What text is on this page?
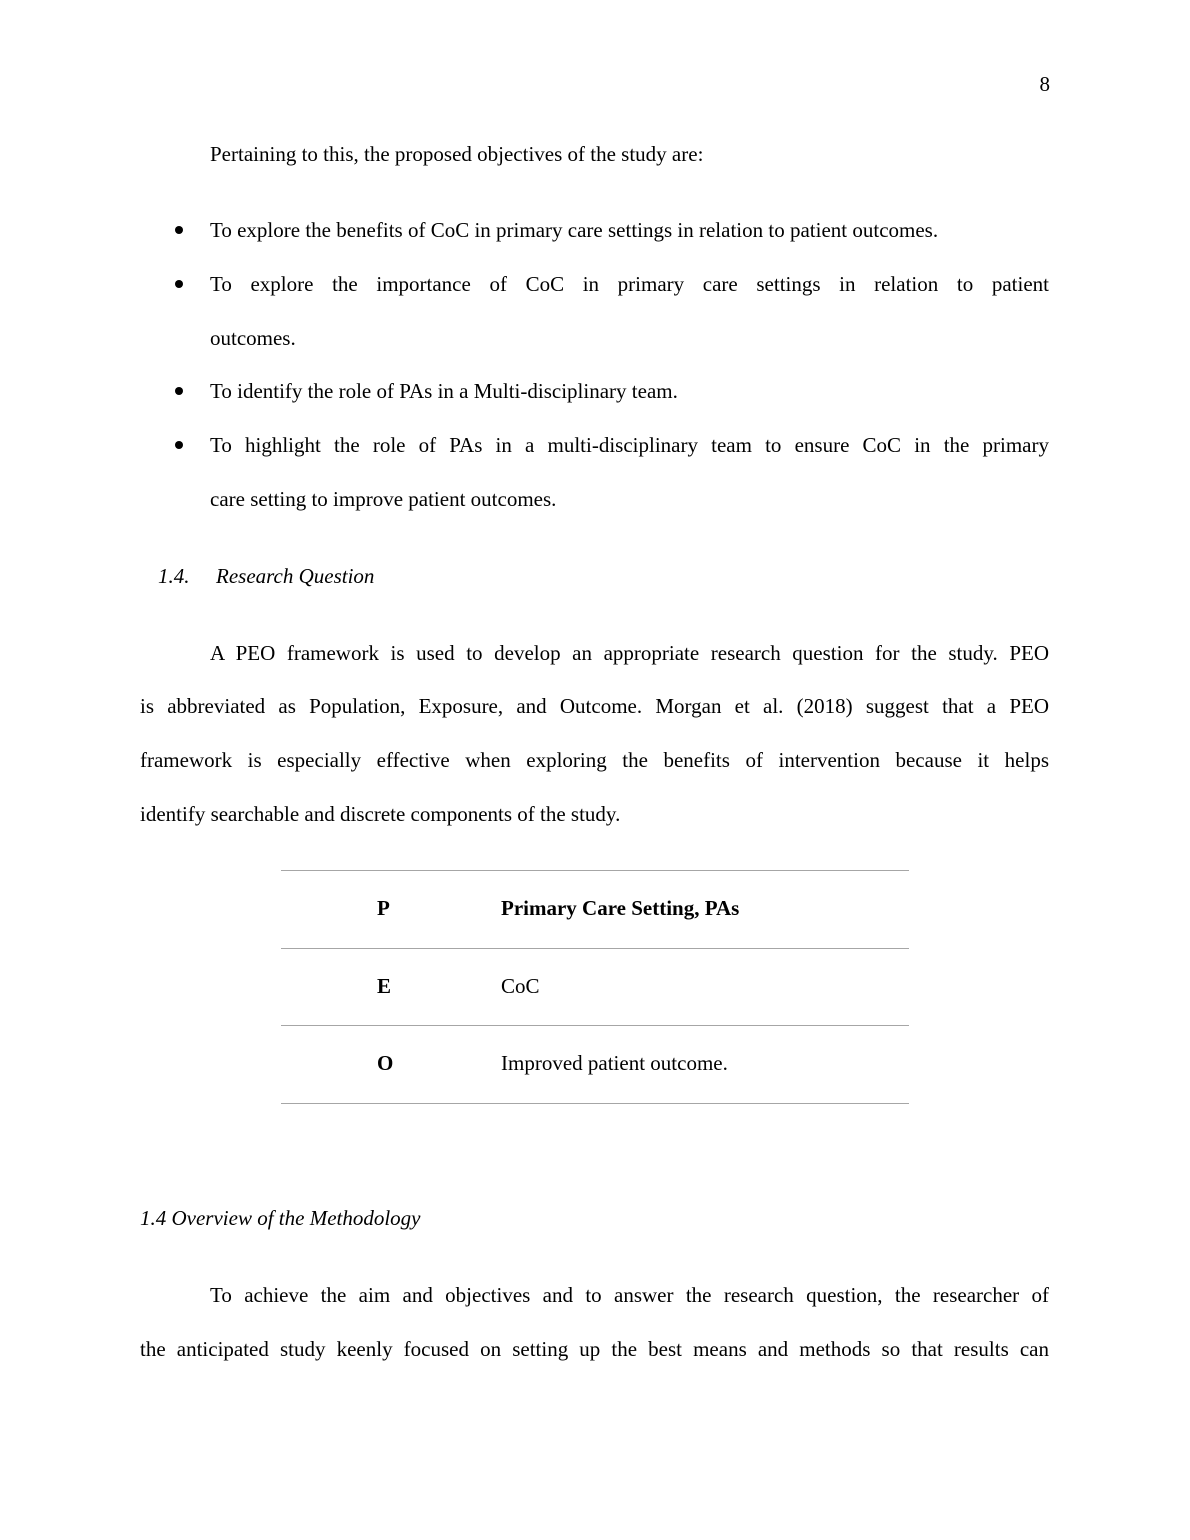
8
Pertaining to this, the proposed objectives of the study are:
To explore the benefits of CoC in primary care settings in relation to patient outcomes.
To explore the importance of CoC in primary care settings in relation to patient
outcomes.
To identify the role of PAs in a Multi-disciplinary team.
To highlight the role of PAs in a multi-disciplinary team to ensure CoC in the primary
care setting to improve patient outcomes.
1.4. Research Question
A PEO framework is used to develop an appropriate research question for the study. PEO
is abbreviated as Population, Exposure, and Outcome. Morgan et al. (2018) suggest that a PEO
framework is especially effective when exploring the benefits of intervention because it helps
identify searchable and discrete components of the study.
P	Primary Care Setting, PAs
E	CoC
O	Improved patient outcome.
1.4 Overview of the Methodology
To achieve the aim and objectives and to answer the research question, the researcher of
the anticipated study keenly focused on setting up the best means and methods so that results can
